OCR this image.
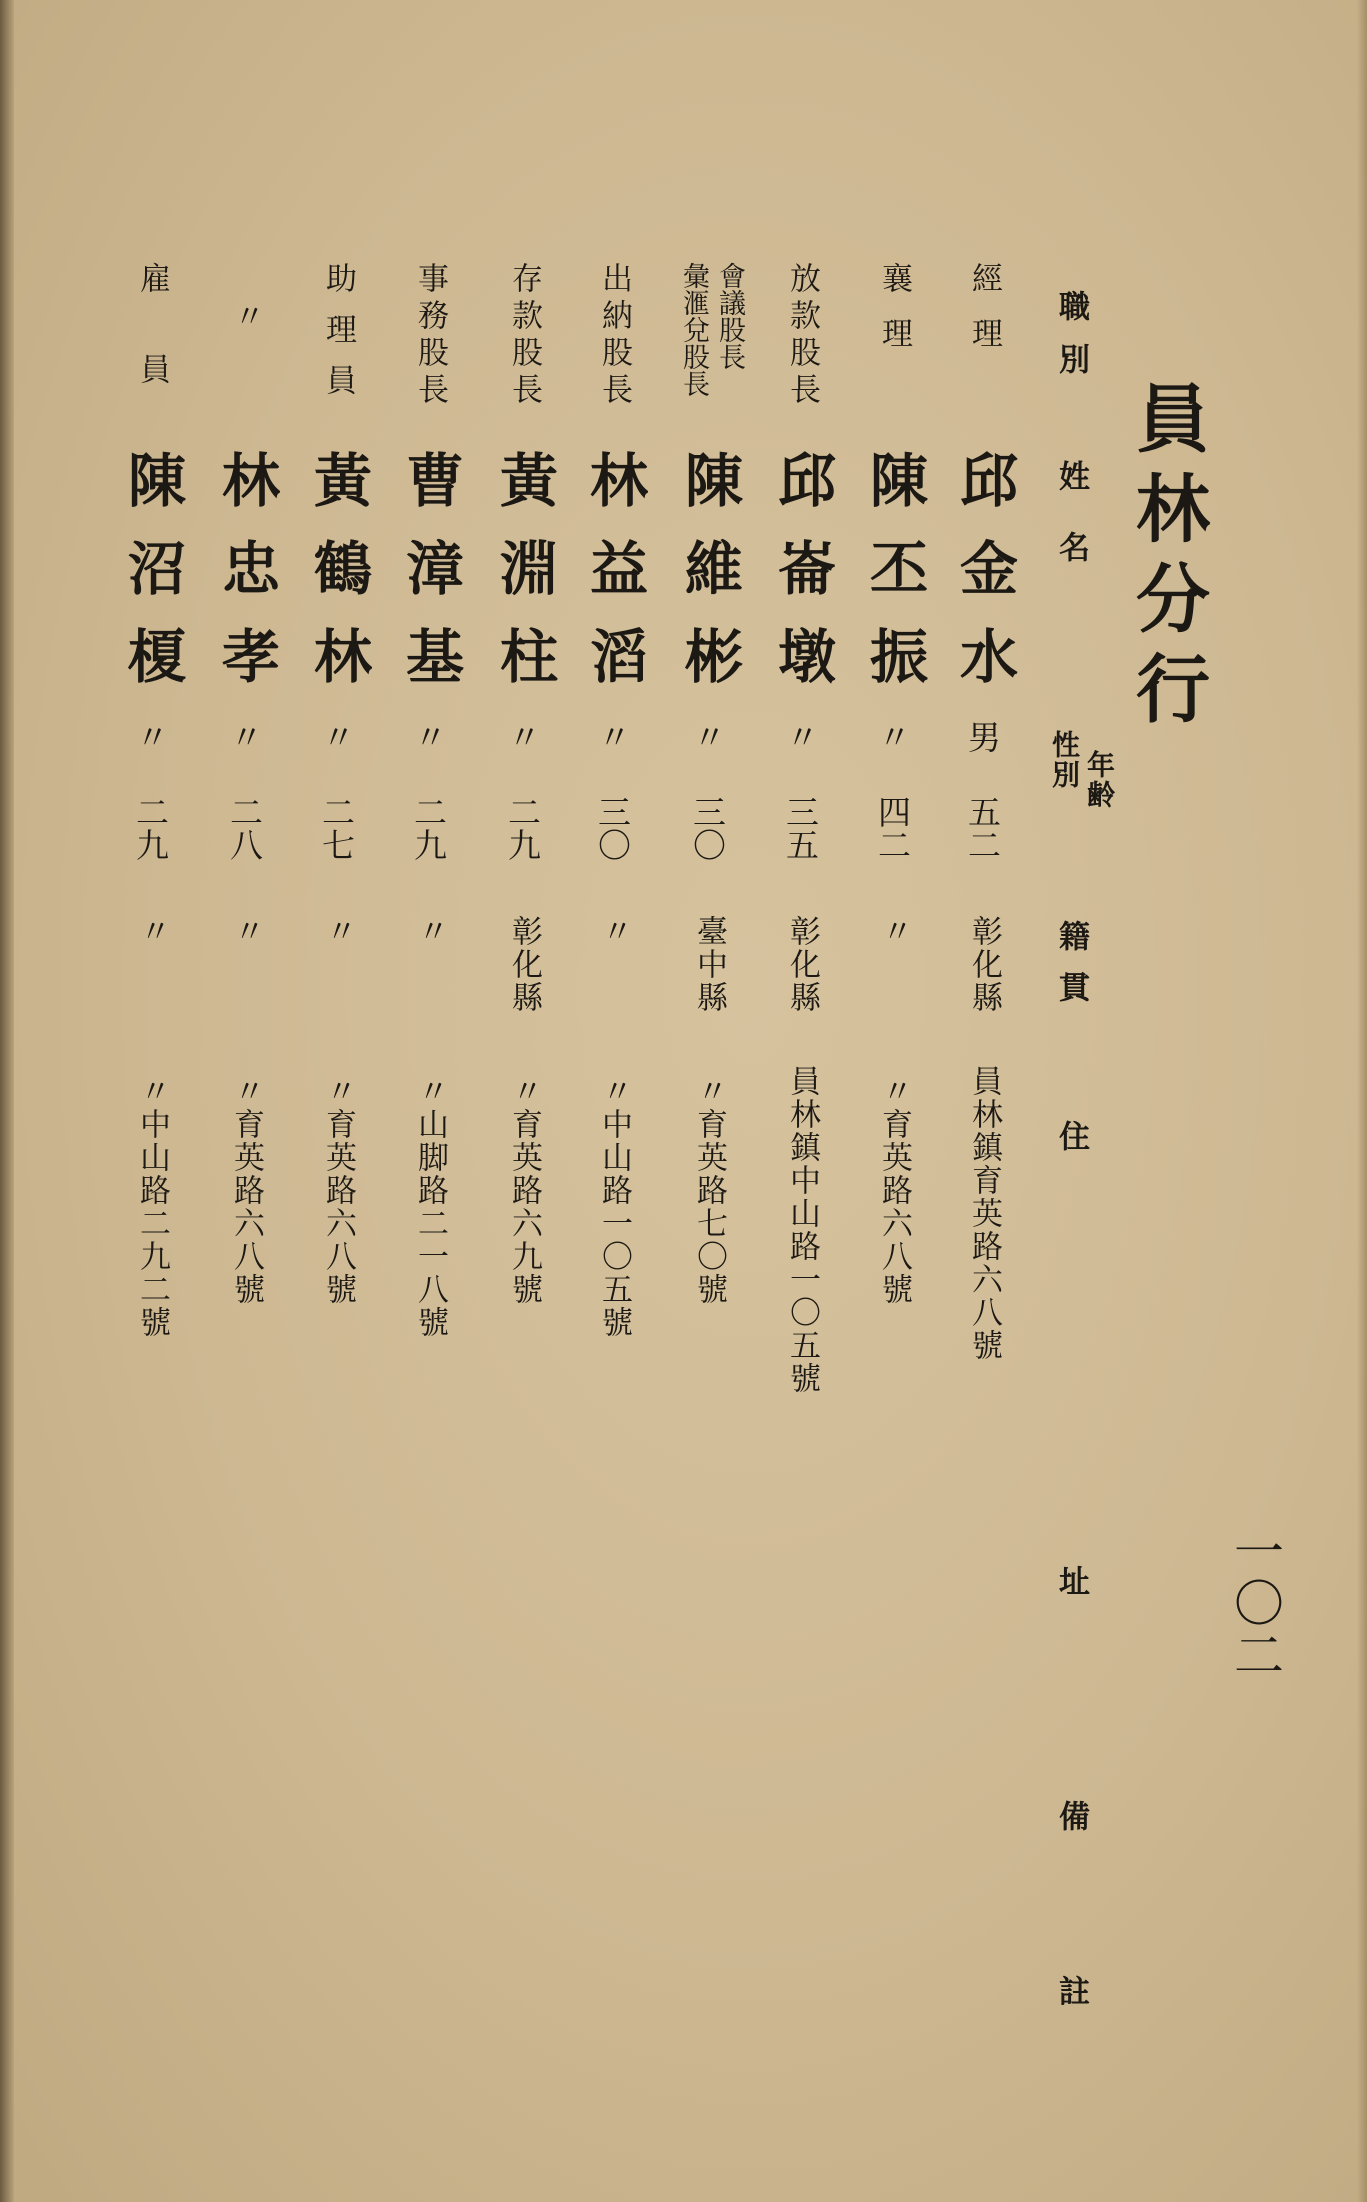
員林分行
一〇二
職別
姓名
性別 年齢
籍貫
住
址
備
註
經理
邱金水
男
五二
彰化縣
員林鎮育英路六八號
襄理
陳丕振
〃
四二
〃
〃育英路六八號
放款股長
邱崙墩
〃
三五
彰化縣
員林鎮中山路一〇五號
會議股長
彙滙兌股長
陳維彬
〃
三〇
臺中縣
〃育英路七〇號
出納股長
林益滔
〃
三〇
〃
〃中山路一〇五號
存款股長
黃淵柱
〃
二九
彰化縣
〃育英路六九號
事務股長
曹漳基
〃
二九
〃
〃山脚路二一八號
助理員
黃鶴林
〃
二七
〃
〃育英路六八號
〃
林忠孝
〃
二八
〃
〃育英路六八號
雇員
陳沼榎
〃
二九
〃
〃中山路二九二號
